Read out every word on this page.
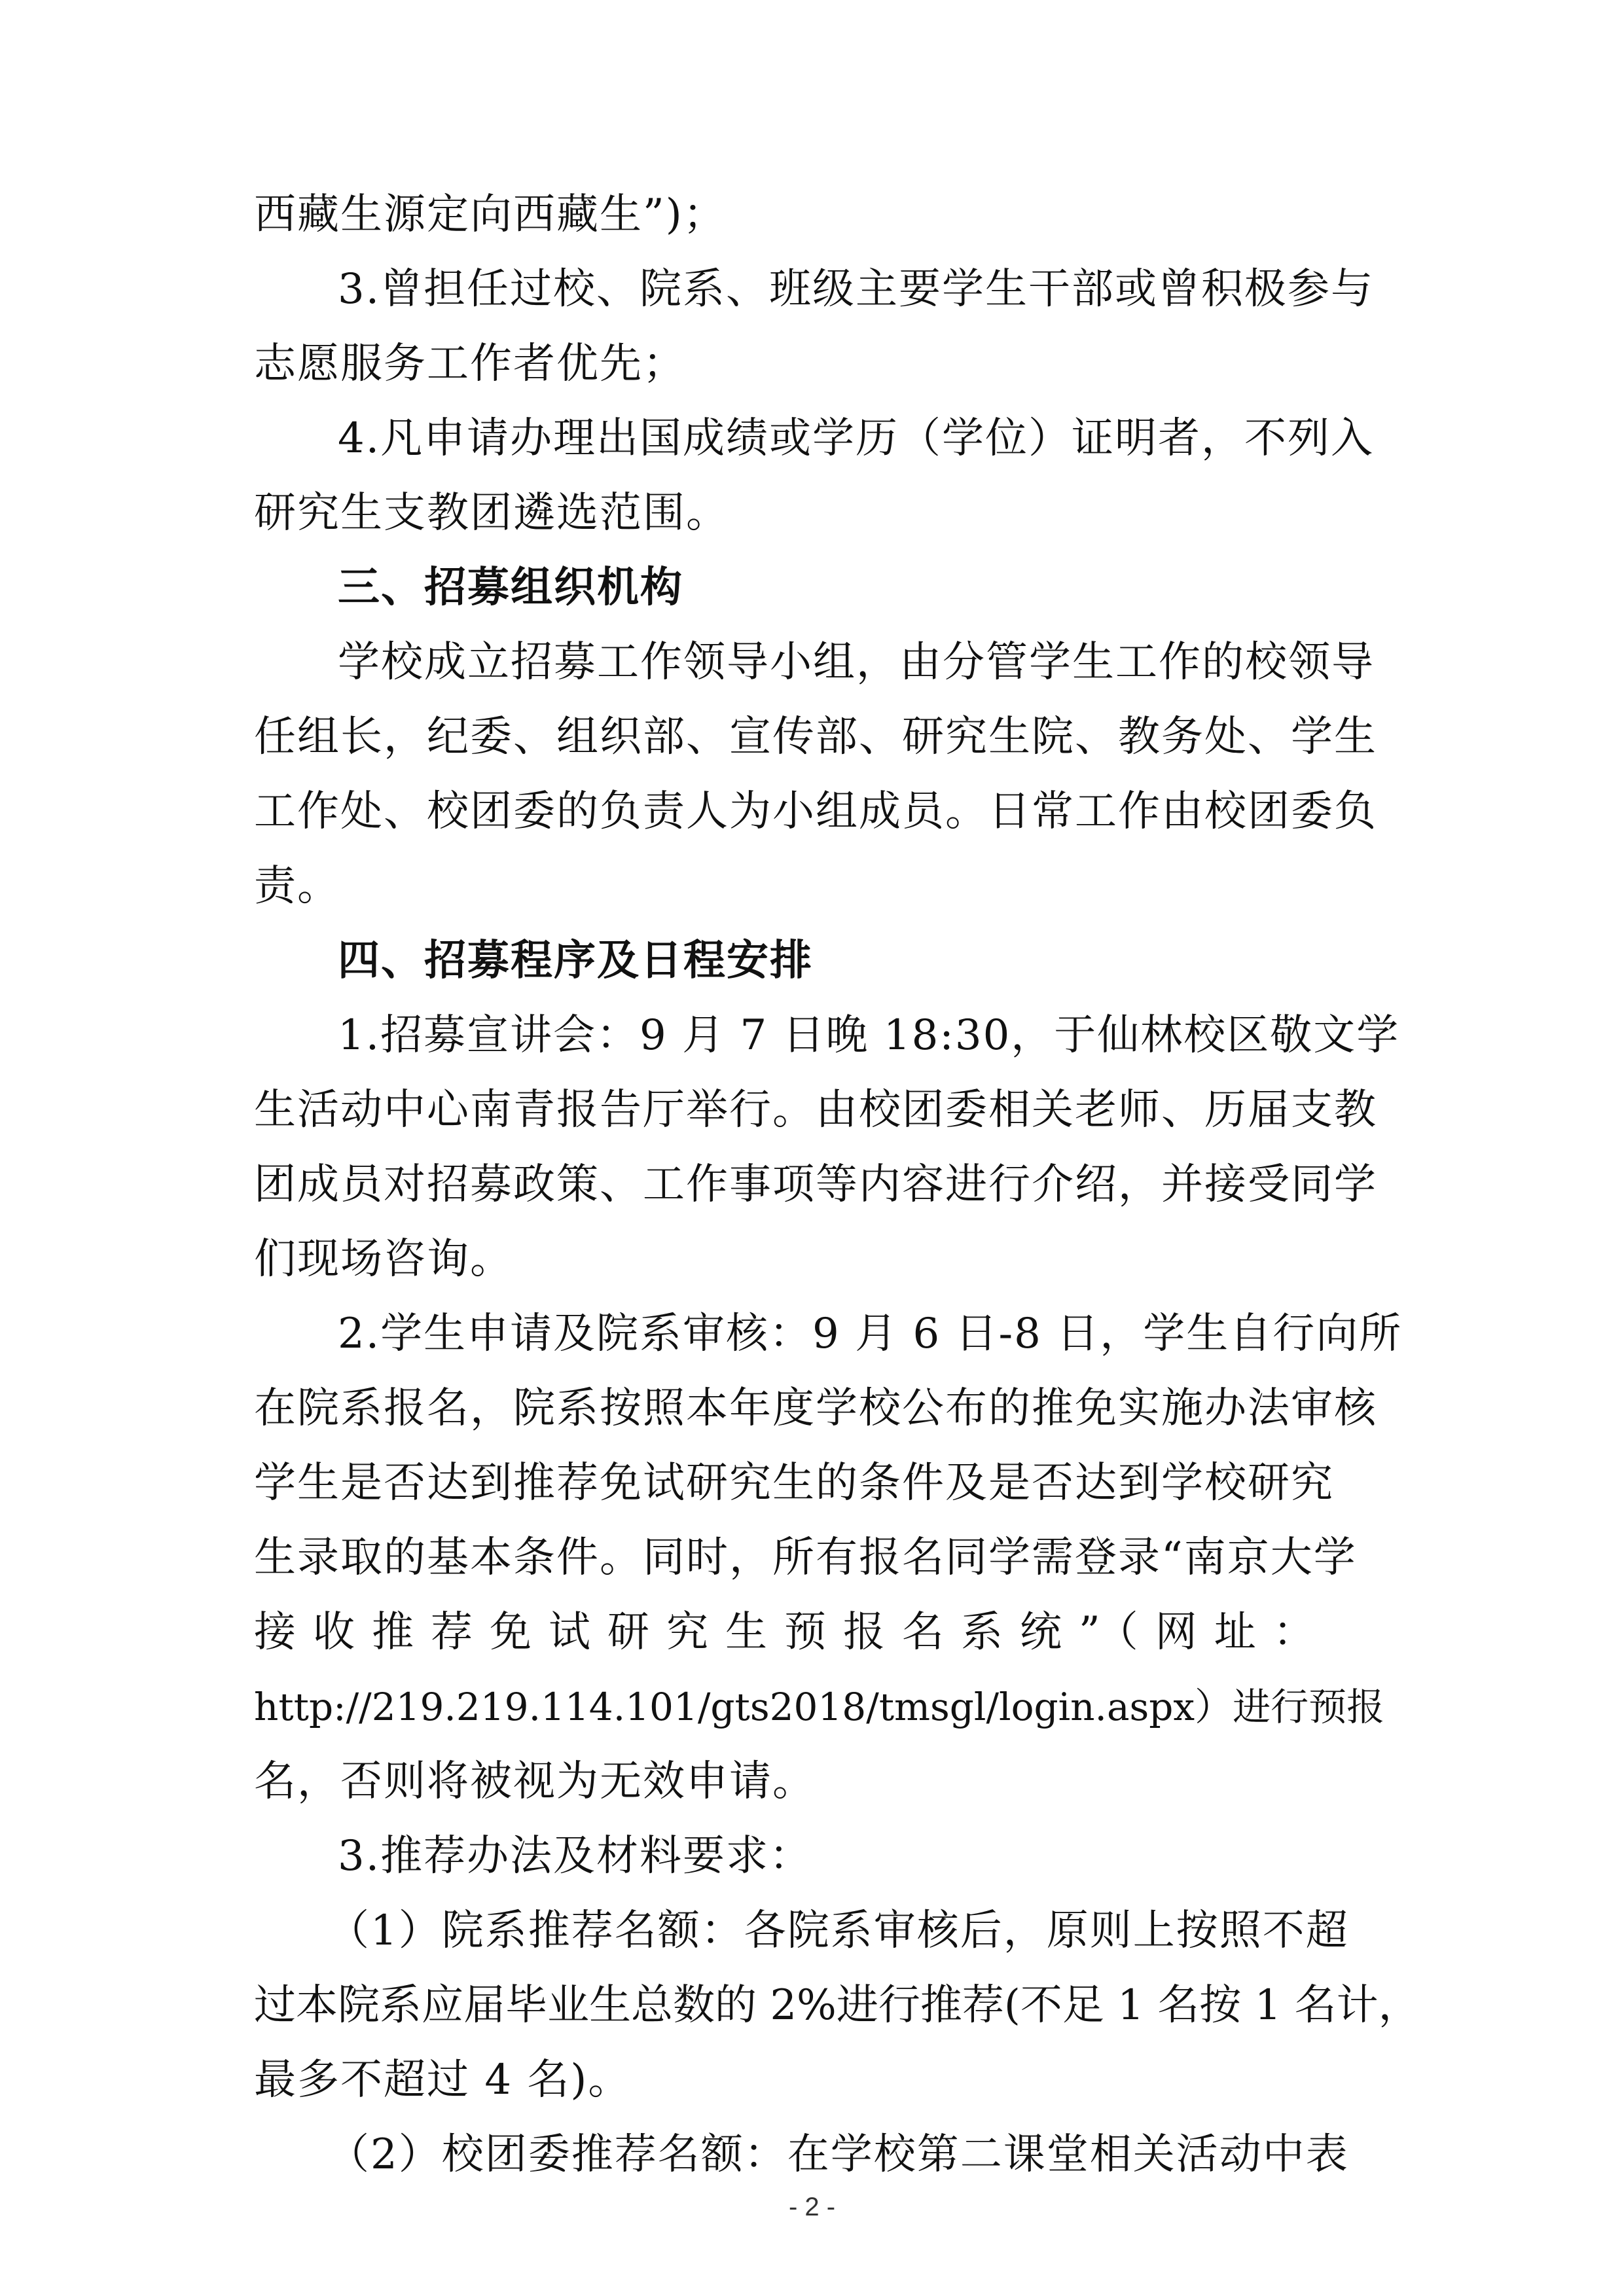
西藏生源定向西藏生”)；
3.曾担任过校、院系、班级主要学生干部或曾积极参与
志愿服务工作者优先；
4.凡申请办理出国成绩或学历（学位）证明者，不列入
研究生支教团遴选范围。
三、招募组织机构
学校成立招募工作领导小组，由分管学生工作的校领导
任组长，纪委、组织部、宣传部、研究生院、教务处、学生
工作处、校团委的负责人为小组成员。日常工作由校团委负
责。
四、招募程序及日程安排
1.招募宣讲会：9 月 7 日晚 18:30，于仙林校区敬文学
生活动中心南青报告厅举行。由校团委相关老师、历届支教
团成员对招募政策、工作事项等内容进行介绍，并接受同学
们现场咨询。
2.学生申请及院系审核：9 月 6 日-8 日，学生自行向所
在院系报名，院系按照本年度学校公布的推免实施办法审核
学生是否达到推荐免试研究生的条件及是否达到学校研究
生录取的基本条件。同时，所有报名同学需登录“南京大学
接收推荐免试研究生预报名系统”（网址：
http://219.219.114.101/gts2018/tmsgl/login.aspx）进行预报
名，否则将被视为无效申请。
3.推荐办法及材料要求：
（1）院系推荐名额：各院系审核后，原则上按照不超
过本院系应届毕业生总数的 2%进行推荐(不足 1 名按 1 名计，
最多不超过 4 名)。
（2）校团委推荐名额：在学校第二课堂相关活动中表
- 2 -
